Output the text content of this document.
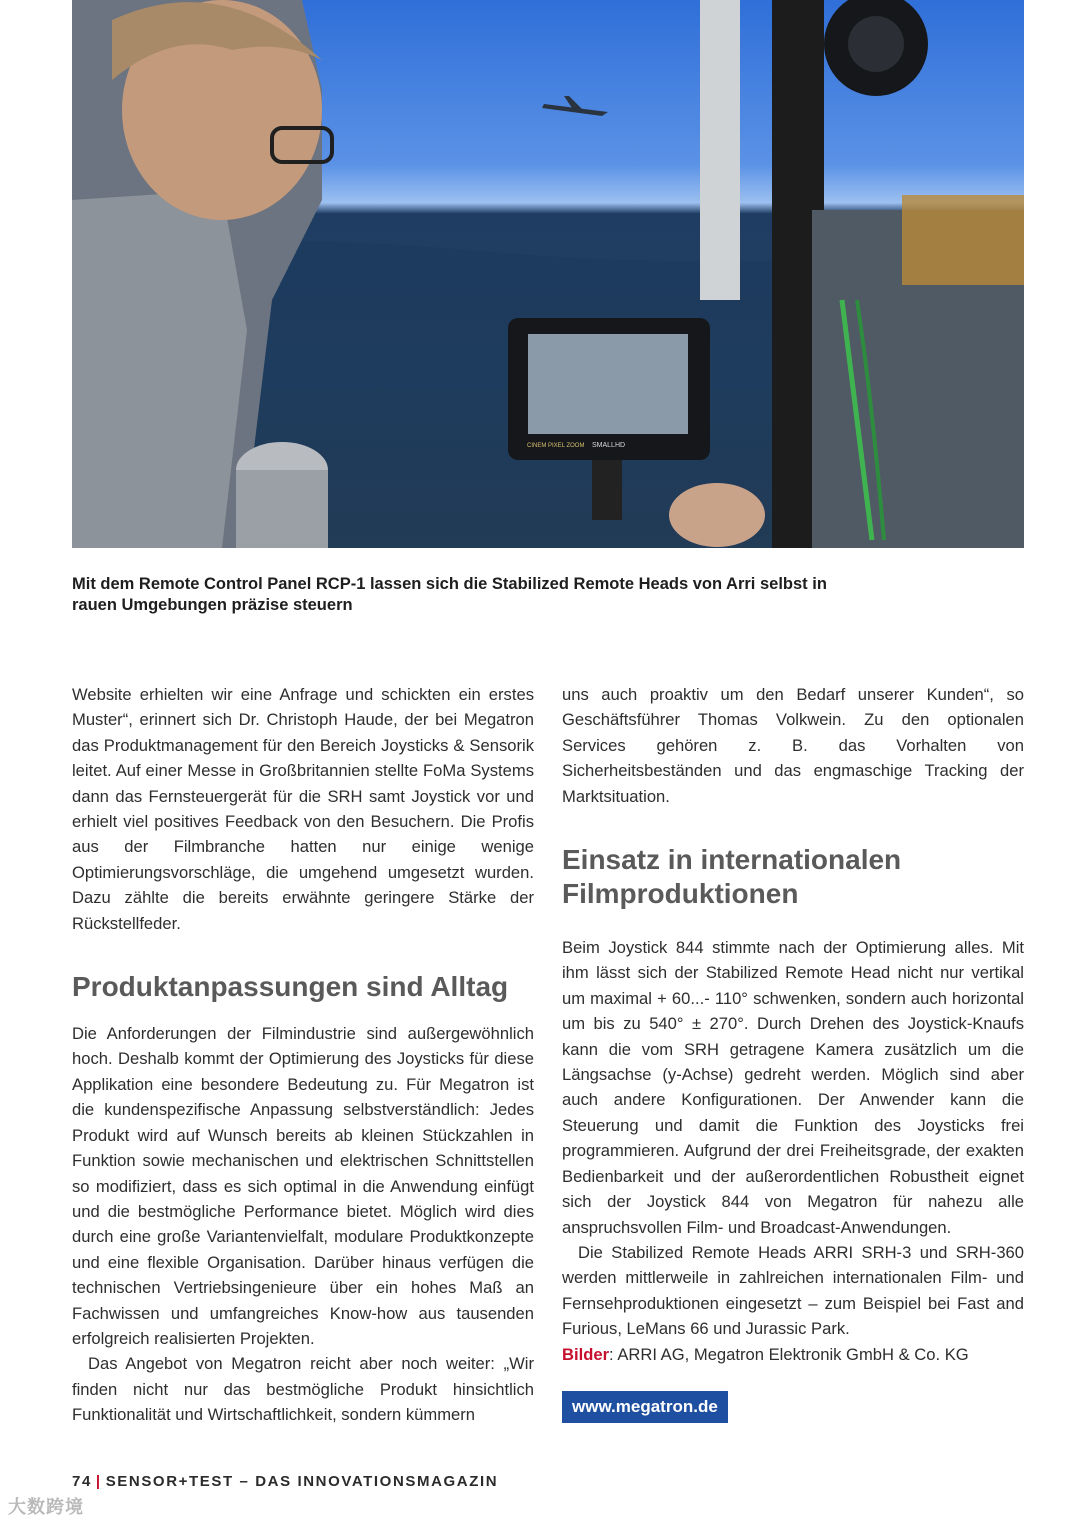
CINEM PIXEL ZOOM SMALLHD
Mit dem Remote Control Panel RCP-1 lassen sich die Stabilized Remote Heads von Arri selbst in rauen Umgebungen präzise steuern

Website erhielten wir eine Anfrage und schickten ein erstes Muster“, erinnert sich Dr. Christoph Haude, der bei Megatron das Produktmanagement für den Bereich Joysticks & Sensorik leitet. Auf einer Messe in Großbritannien stellte FoMa Systems dann das Fernsteuergerät für die SRH samt Joystick vor und erhielt viel positives Feedback von den Besuchern. Die Profis aus der Filmbranche hatten nur einige wenige Optimierungsvorschläge, die umgehend umgesetzt wurden. Dazu zählte die bereits erwähnte geringere Stärke der Rückstellfeder.

Produktanpassungen sind Alltag

Die Anforderungen der Filmindustrie sind außergewöhnlich hoch. Deshalb kommt der Optimierung des Joysticks für diese Applikation eine besondere Bedeutung zu. Für Megatron ist die kundenspezifische Anpassung selbstverständlich: Jedes Produkt wird auf Wunsch bereits ab kleinen Stückzahlen in Funktion sowie mechanischen und elektrischen Schnittstellen so modifiziert, dass es sich optimal in die Anwendung einfügt und die bestmögliche Performance bietet. Möglich wird dies durch eine große Variantenvielfalt, modulare Produktkonzepte und eine flexible Organisation. Darüber hinaus verfügen die technischen Vertriebsingenieure über ein hohes Maß an Fachwissen und umfangreiches Know-how aus tausenden erfolgreich realisierten Projekten.

Das Angebot von Megatron reicht aber noch weiter: „Wir finden nicht nur das bestmögliche Produkt hinsichtlich Funktionalität und Wirtschaftlichkeit, sondern kümmern

uns auch proaktiv um den Bedarf unserer Kunden“, so Geschäftsführer Thomas Volkwein. Zu den optionalen Services gehören z. B. das Vorhalten von Sicherheitsbeständen und das engmaschige Tracking der Marktsituation.

Einsatz in internationalen Filmproduktionen

Beim Joystick 844 stimmte nach der Optimierung alles. Mit ihm lässt sich der Stabilized Remote Head nicht nur vertikal um maximal + 60...- 110° schwenken, sondern auch horizontal um bis zu 540° ± 270°. Durch Drehen des Joystick-Knaufs kann die vom SRH getragene Kamera zusätzlich um die Längsachse (y-Achse) gedreht werden. Möglich sind aber auch andere Konfigurationen. Der Anwender kann die Steuerung und damit die Funktion des Joysticks frei programmieren. Aufgrund der drei Freiheitsgrade, der exakten Bedienbarkeit und der außerordentlichen Robustheit eignet sich der Joystick 844 von Megatron für nahezu alle anspruchsvollen Film- und Broadcast-Anwendungen.

Die Stabilized Remote Heads ARRI SRH-3 und SRH-360 werden mittlerweile in zahlreichen internationalen Film- und Fernsehproduktionen eingesetzt – zum Beispiel bei Fast and Furious, LeMans 66 und Jurassic Park.

Bilder: ARRI AG, Megatron Elektronik GmbH & Co. KG

www.megatron.de
74 | SENSOR+TEST – DAS INNOVATIONSMAGAZIN
大数跨境
